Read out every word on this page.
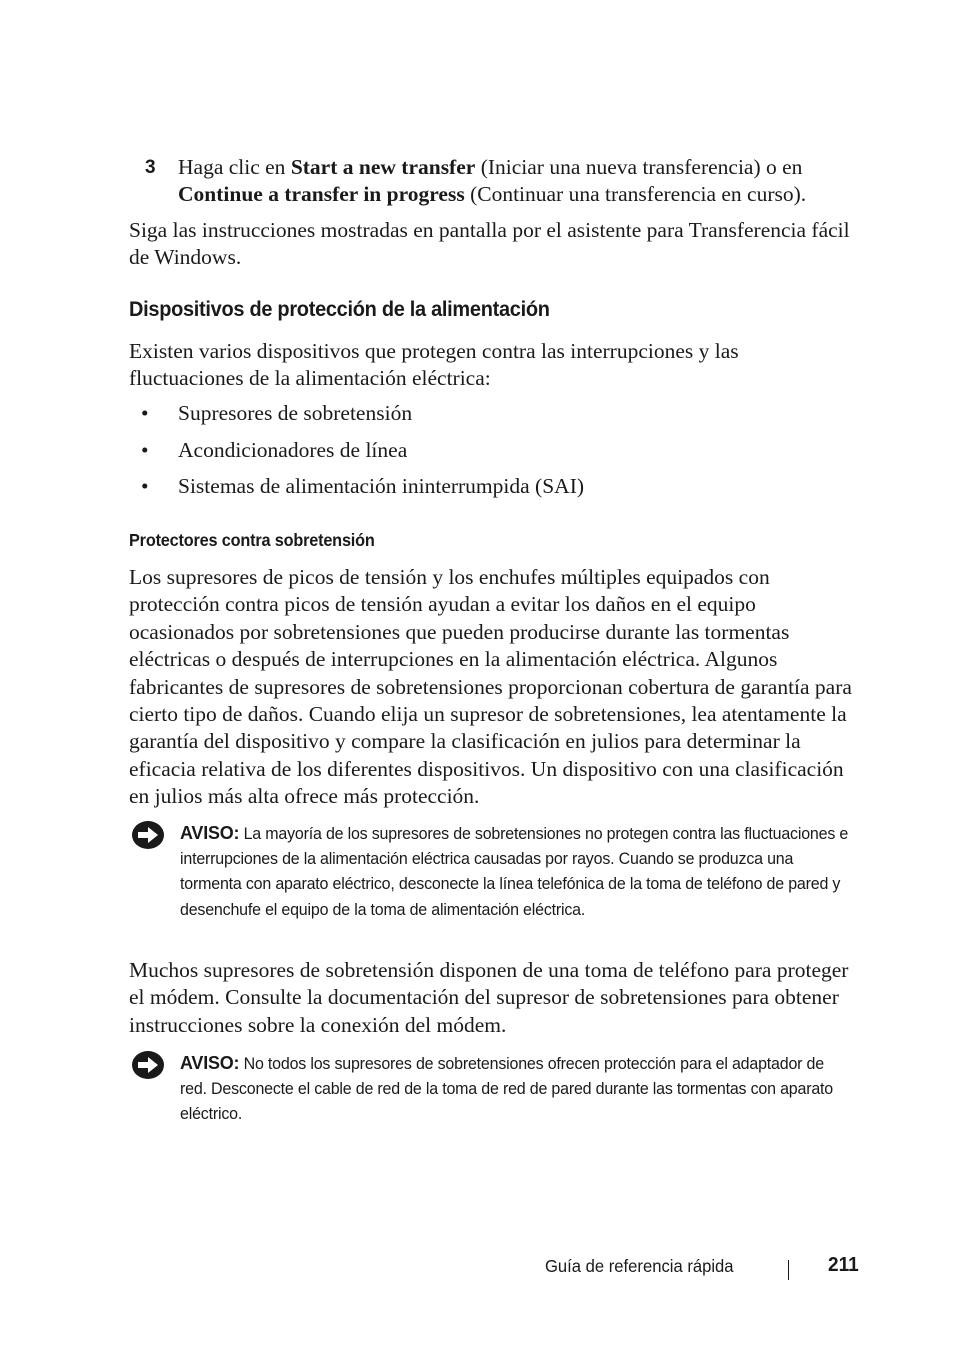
3 Haga clic en Start a new transfer (Iniciar una nueva transferencia) o en Continue a transfer in progress (Continuar una transferencia en curso).

Siga las instrucciones mostradas en pantalla por el asistente para Transferencia fácil de Windows.

Dispositivos de protección de la alimentación

Existen varios dispositivos que protegen contra las interrupciones y las fluctuaciones de la alimentación eléctrica:

• Supresores de sobretensión
• Acondicionadores de línea
• Sistemas de alimentación ininterrumpida (SAI)
Protectores contra sobretensión

Los supresores de picos de tensión y los enchufes múltiples equipados con protección contra picos de tensión ayudan a evitar los daños en el equipo ocasionados por sobretensiones que pueden producirse durante las tormentas eléctricas o después de interrupciones en la alimentación eléctrica. Algunos fabricantes de supresores de sobretensiones proporcionan cobertura de garantía para cierto tipo de daños. Cuando elija un supresor de sobretensiones, lea atentamente la garantía del dispositivo y compare la clasificación en julios para determinar la eficacia relativa de los diferentes dispositivos. Un dispositivo con una clasificación en julios más alta ofrece más protección.

AVISO: La mayoría de los supresores de sobretensiones no protegen contra las fluctuaciones e interrupciones de la alimentación eléctrica causadas por rayos. Cuando se produzca una tormenta con aparato eléctrico, desconecte la línea telefónica de la toma de teléfono de pared y desenchufe el equipo de la toma de alimentación eléctrica.

Muchos supresores de sobretensión disponen de una toma de teléfono para proteger el módem. Consulte la documentación del supresor de sobretensiones para obtener instrucciones sobre la conexión del módem.

AVISO: No todos los supresores de sobretensiones ofrecen protección para el adaptador de red. Desconecte el cable de red de la toma de red de pared durante las tormentas con aparato eléctrico.
Guía de referencia rápida	211
